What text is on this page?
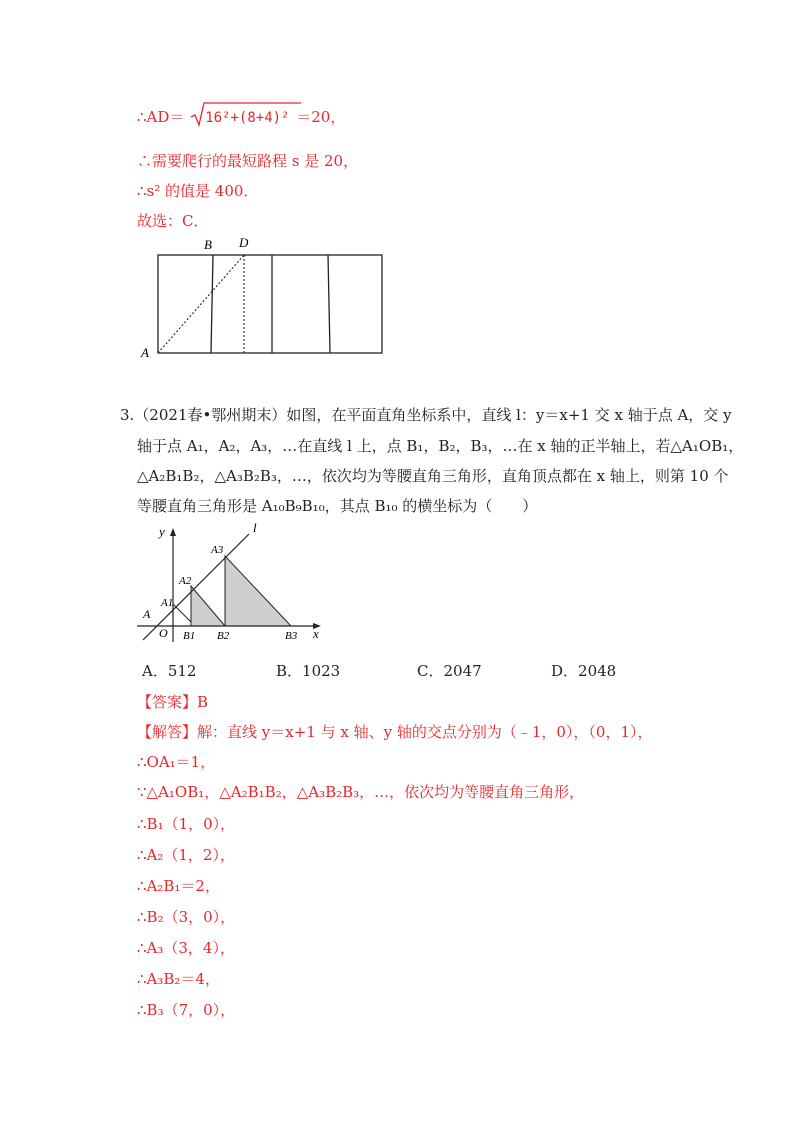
∴AD＝ 16²+(8+4)² ＝20，
∴需要爬行的最短路程 s 是 20，
∴s² 的值是 400．
故选：C．
B D
A
3.（2021春•鄂州期末）如图，在平面直角坐标系中，直线 l：y＝x+1 交 x 轴于点 A，交 y
轴于点 A₁，A₂，A₃，…在直线 l 上，点 B₁，B₂，B₃，…在 x 轴的正半轴上，若△A₁OB₁，
△A₂B₁B₂，△A₃B₂B₃，…，依次均为等腰直角三角形，直角顶点都在 x 轴上，则第 10 个
等腰直角三角形是 A₁₀B₉B₁₀，其点 B₁₀ 的横坐标为（　　）
y	l
x
O
A
A1
A2
A3
B1 B2	B3
A．512	B．1023	C．2047	D．2048
【答案】B
【解答】解：直线 y＝x+1 与 x 轴、y 轴的交点分别为（﹣1，0），（0，1），
∴OA₁＝1，
∵△A₁OB₁，△A₂B₁B₂，△A₃B₂B₃，…，依次均为等腰直角三角形，
∴B₁（1，0），
∴A₂（1，2），
∴A₂B₁＝2，
∴B₂（3，0），
∴A₃（3，4），
∴A₃B₂＝4，
∴B₃（7，0），
